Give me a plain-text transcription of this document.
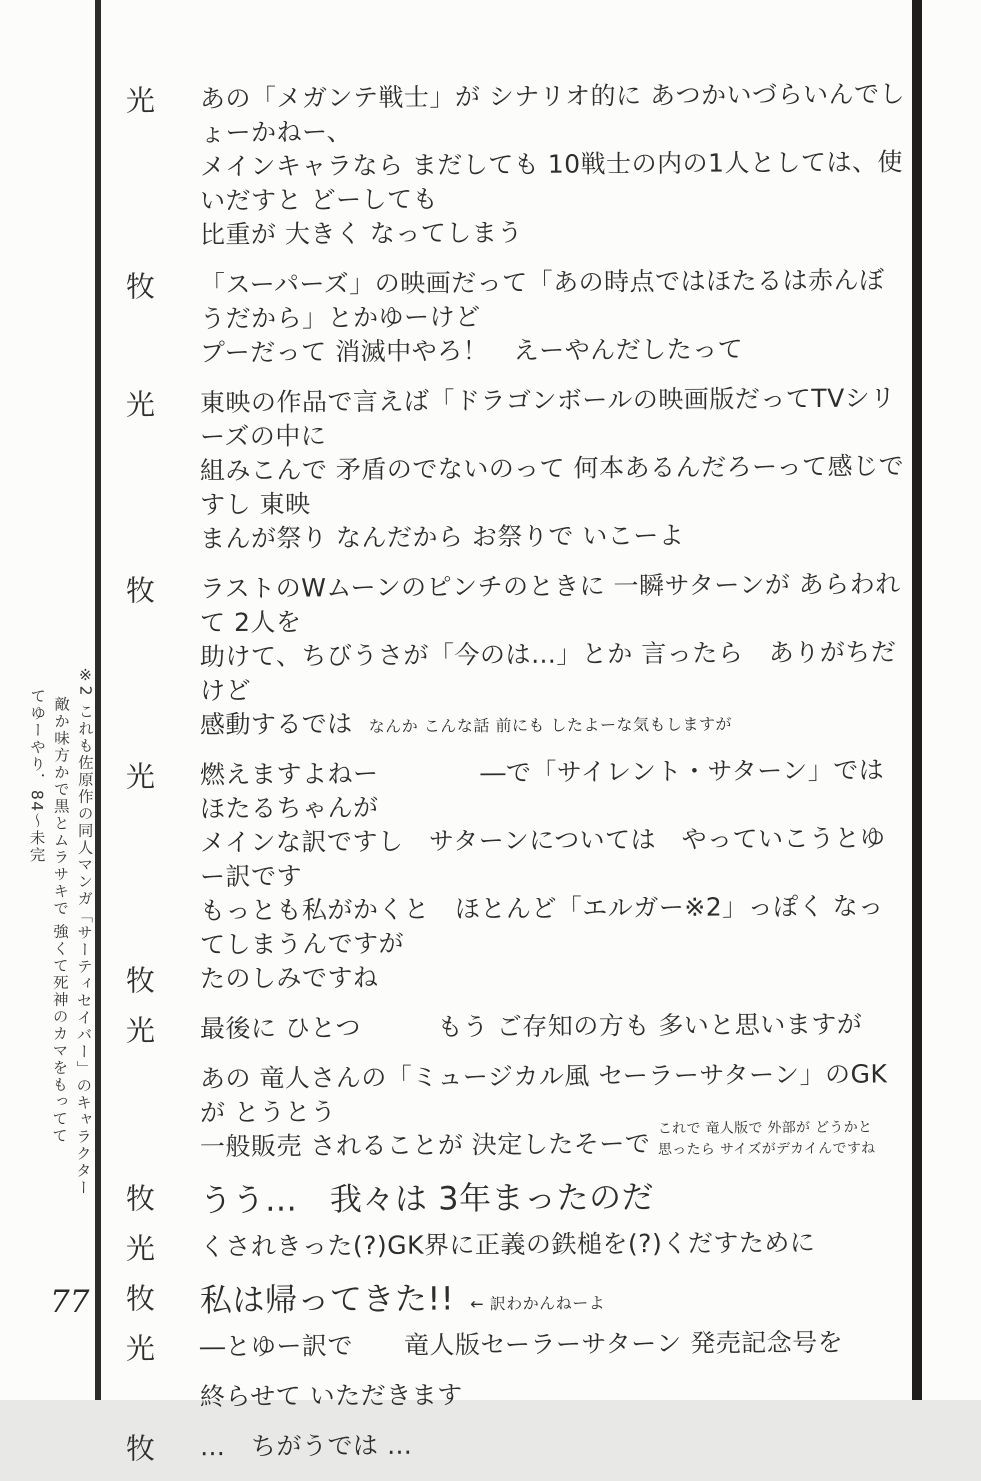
光	あの「メガンテ戦士」が シナリオ的に あつかいづらいんでしょーかねー、
メインキャラなら まだしても 10戦士の内の1人としては、使いだすと どーしても
比重が 大きく なってしまう
牧	「スーパーズ」の映画だって「あの時点ではほたるは赤んぼうだから」とかゆーけど
プーだって 消滅中やろ！　えーやんだしたって
光	東映の作品で言えば「ドラゴンボールの映画版だってTVシリーズの中に
組みこんで 矛盾のでないのって 何本あるんだろーって感じですし 東映
まんが祭り なんだから お祭りで いこーよ
牧	ラストのWムーンのピンチのときに 一瞬サターンが あらわれて 2人を
助けて、ちびうさが「今のは…」とか 言ったら　ありがちだけど
感動するでは なんか こんな話 前にも したよーな気もしますが
光	燃えますよねー　　　　―で「サイレント・サターン」では ほたるちゃんが
メインな訳ですし　サターンについては　やっていこうとゆー訳です
もっとも私がかくと　ほとんど「エルガー※2」っぽく なってしまうんですが
牧	たのしみですね
光	最後に ひとつ　　　もう ご存知の方も 多いと思いますが
あの 竜人さんの「ミュージカル風 セーラーサターン」のGKが とうとう
一般販売 されることが 決定したそーで
これで 竜人版で 外部が どうかと
思ったら サイズがデカイんですね
牧	うう…　我々は 3年まったのだ
光	くされきった(?)GK界に正義の鉄槌を(?)くだすために
牧	私は帰ってきた!! ← 訳わかんねーよ
光	―とゆー訳で　　竜人版セーラーサターン 発売記念号を
終らせて いただきます
牧	…　ちがうでは …
※2 これも佐原作の同人マンガ「サーティセイバー」のキャラクター
敵か味方かで黒とムラサキで 強くて死神のカマをもってて
てゆーやり．84～未完
77
